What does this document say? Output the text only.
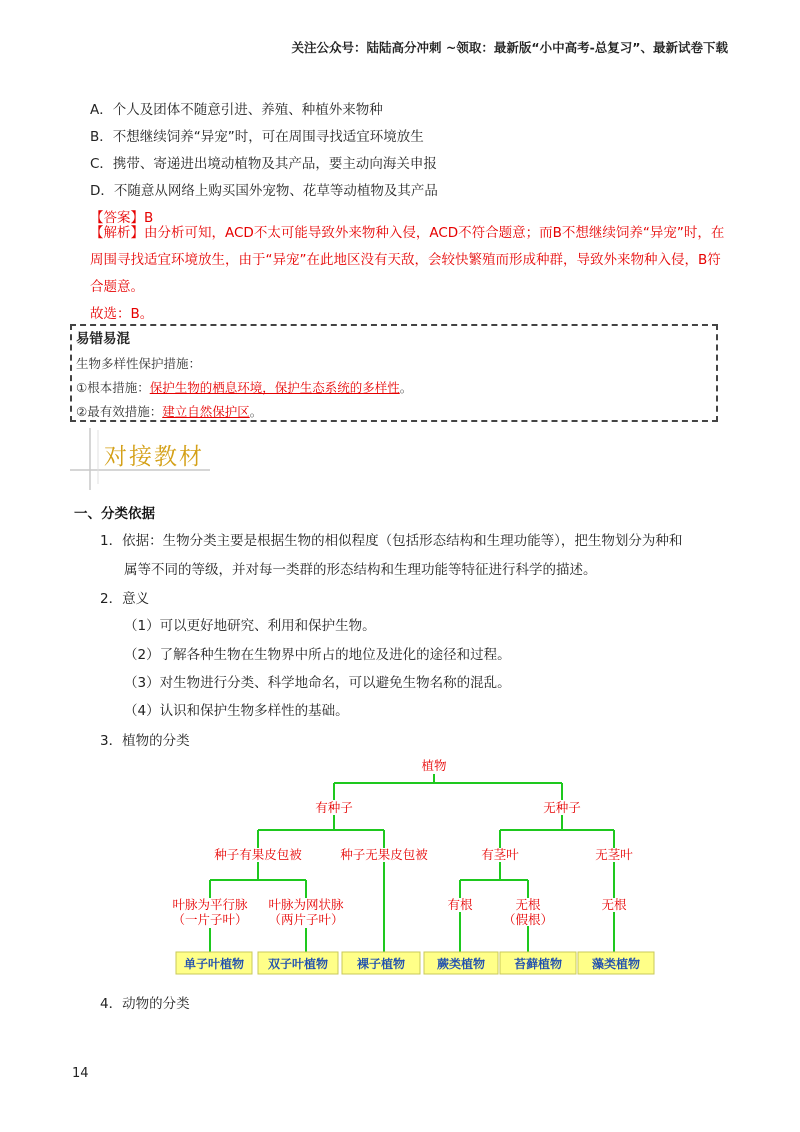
关注公众号：陆陆高分冲刺 ~领取：最新版“小中高考-总复习”、最新试卷下载
A．个人及团体不随意引进、养殖、种植外来物种
B．不想继续饲养“异宠”时，可在周围寻找适宜环境放生
C．携带、寄递进出境动植物及其产品，要主动向海关申报
D．不随意从网络上购买国外宠物、花草等动植物及其产品
【答案】B
【解析】由分析可知，ACD不太可能导致外来物种入侵，ACD不符合题意；而B不想继续饲养“异宠”时，在周围寻找适宜环境放生，由于“异宠”在此地区没有天敌，会较快繁殖而形成种群，导致外来物种入侵，B符合题意。
故选：B。
易错易混
生物多样性保护措施：
①根本措施：保护生物的栖息环境，保护生态系统的多样性。
②最有效措施：建立自然保护区。
对接教材
一、分类依据
1．依据：生物分类主要是根据生物的相似程度（包括形态结构和生理功能等），把生物划分为种和
属等不同的等级，并对每一类群的形态结构和生理功能等特征进行科学的描述。
2．意义
（1）可以更好地研究、利用和保护生物。
（2）了解各种生物在生物界中所占的地位及进化的途径和过程。
（3）对生物进行分类、科学地命名，可以避免生物名称的混乱。
（4）认识和保护生物多样性的基础。
3．植物的分类
植物
有种子	无种子
种子有果皮包被	种子无果皮包被	有茎叶	无茎叶
叶脉为平行脉
（一片子叶）
叶脉为网状脉
（两片子叶）
有根	无根
（假根）
无根
单子叶植物 双子叶植物 裸子植物	蕨类植物 苔藓植物 藻类植物
4．动物的分类
14
